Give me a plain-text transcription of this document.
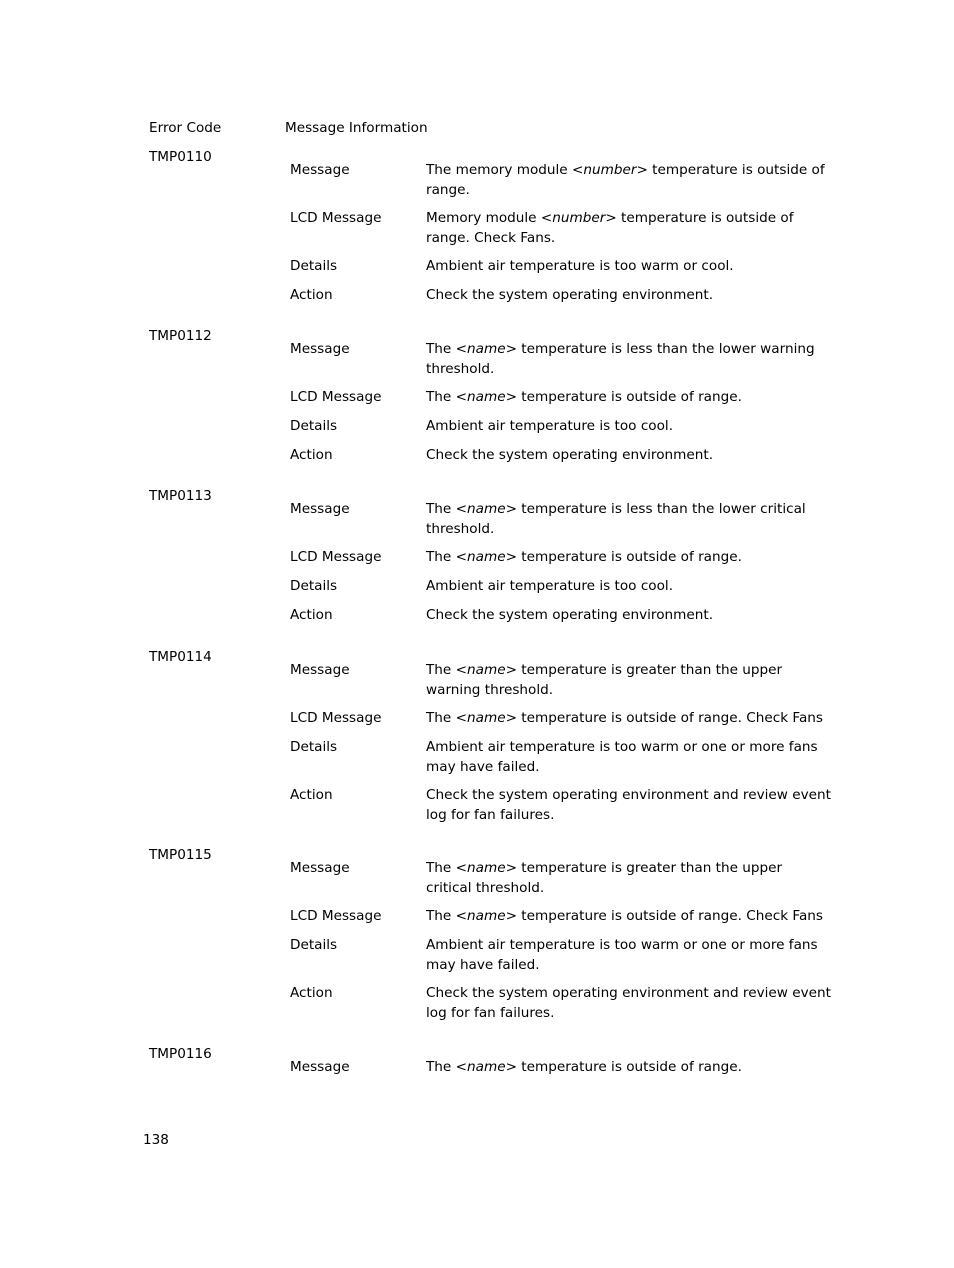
Error Code	Message Information
TMP0110
Message	The memory module <number> temperature is outside of range.
LCD Message	Memory module <number> temperature is outside of range. Check Fans.
Details	Ambient air temperature is too warm or cool.
Action	Check the system operating environment.
TMP0112
Message	The <name> temperature is less than the lower warning threshold.
LCD Message	The <name> temperature is outside of range.
Details	Ambient air temperature is too cool.
Action	Check the system operating environment.
TMP0113
Message	The <name> temperature is less than the lower critical threshold.
LCD Message	The <name> temperature is outside of range.
Details	Ambient air temperature is too cool.
Action	Check the system operating environment.
TMP0114
Message	The <name> temperature is greater than the upper warning threshold.
LCD Message	The <name> temperature is outside of range. Check Fans
Details	Ambient air temperature is too warm or one or more fans may have failed.
Action	Check the system operating environment and review event log for fan failures.
TMP0115
Message	The <name> temperature is greater than the upper critical threshold.
LCD Message	The <name> temperature is outside of range. Check Fans
Details	Ambient air temperature is too warm or one or more fans may have failed.
Action	Check the system operating environment and review event log for fan failures.
TMP0116
Message	The <name> temperature is outside of range.
138
